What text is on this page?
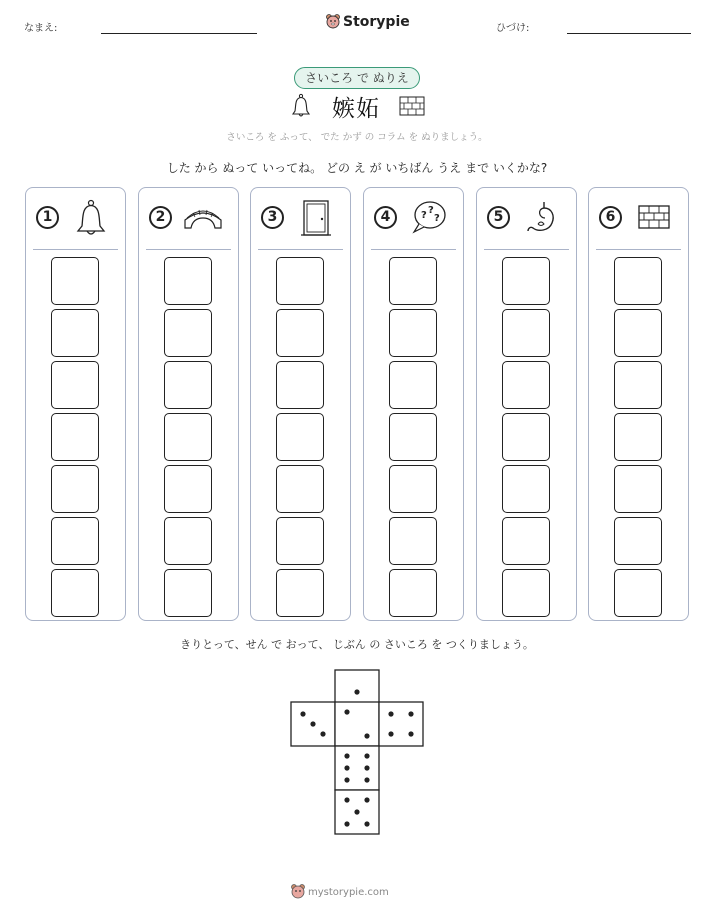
なまえ:	Storypie	ひづけ:
さいころ で ぬりえ
嫉妬
さいころ を ふって、 でた かず の コラム を ぬりましょう。
した から ぬって いってね。 どの え が いちばん うえ まで いくかな?
1	2	3	4	? ?
?	5	6
きりとって、せん で おって、 じぶん の さいころ を つくりましょう。
mystorypie.com
